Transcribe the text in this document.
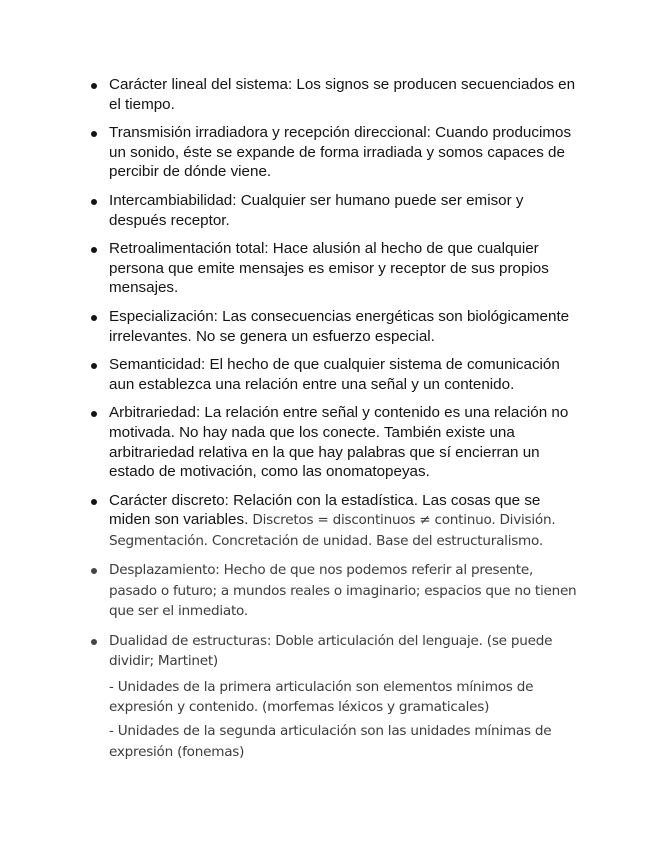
Carácter lineal del sistema: Los signos se producen secuenciados en el tiempo.
Transmisión irradiadora y recepción direccional: Cuando producimos un sonido, éste se expande de forma irradiada y somos capaces de percibir de dónde viene.
Intercambiabilidad: Cualquier ser humano puede ser emisor y después receptor.
Retroalimentación total: Hace alusión al hecho de que cualquier persona que emite mensajes es emisor y receptor de sus propios mensajes.
Especialización: Las consecuencias energéticas son biológicamente irrelevantes. No se genera un esfuerzo especial.
Semanticidad: El hecho de que cualquier sistema de comunicación aun establezca una relación entre una señal y un contenido.
Arbitrariedad: La relación entre señal y contenido es una relación no motivada. No hay nada que los conecte. También existe una arbitrariedad relativa en la que hay palabras que sí encierran un estado de motivación, como las onomatopeyas.
Carácter discreto: Relación con la estadística. Las cosas que se miden son variables. Discretos = discontinuos ≠ continuo. División. Segmentación. Concretación de unidad. Base del estructuralismo.
Desplazamiento: Hecho de que nos podemos referir al presente, pasado o futuro; a mundos reales o imaginario; espacios que no tienen que ser el inmediato.
Dualidad de estructuras: Doble articulación del lenguaje. (se puede dividir; Martinet)
- Unidades de la primera articulación son elementos mínimos de expresión y contenido. (morfemas léxicos y gramaticales)
- Unidades de la segunda articulación son las unidades mínimas de expresión (fonemas)
